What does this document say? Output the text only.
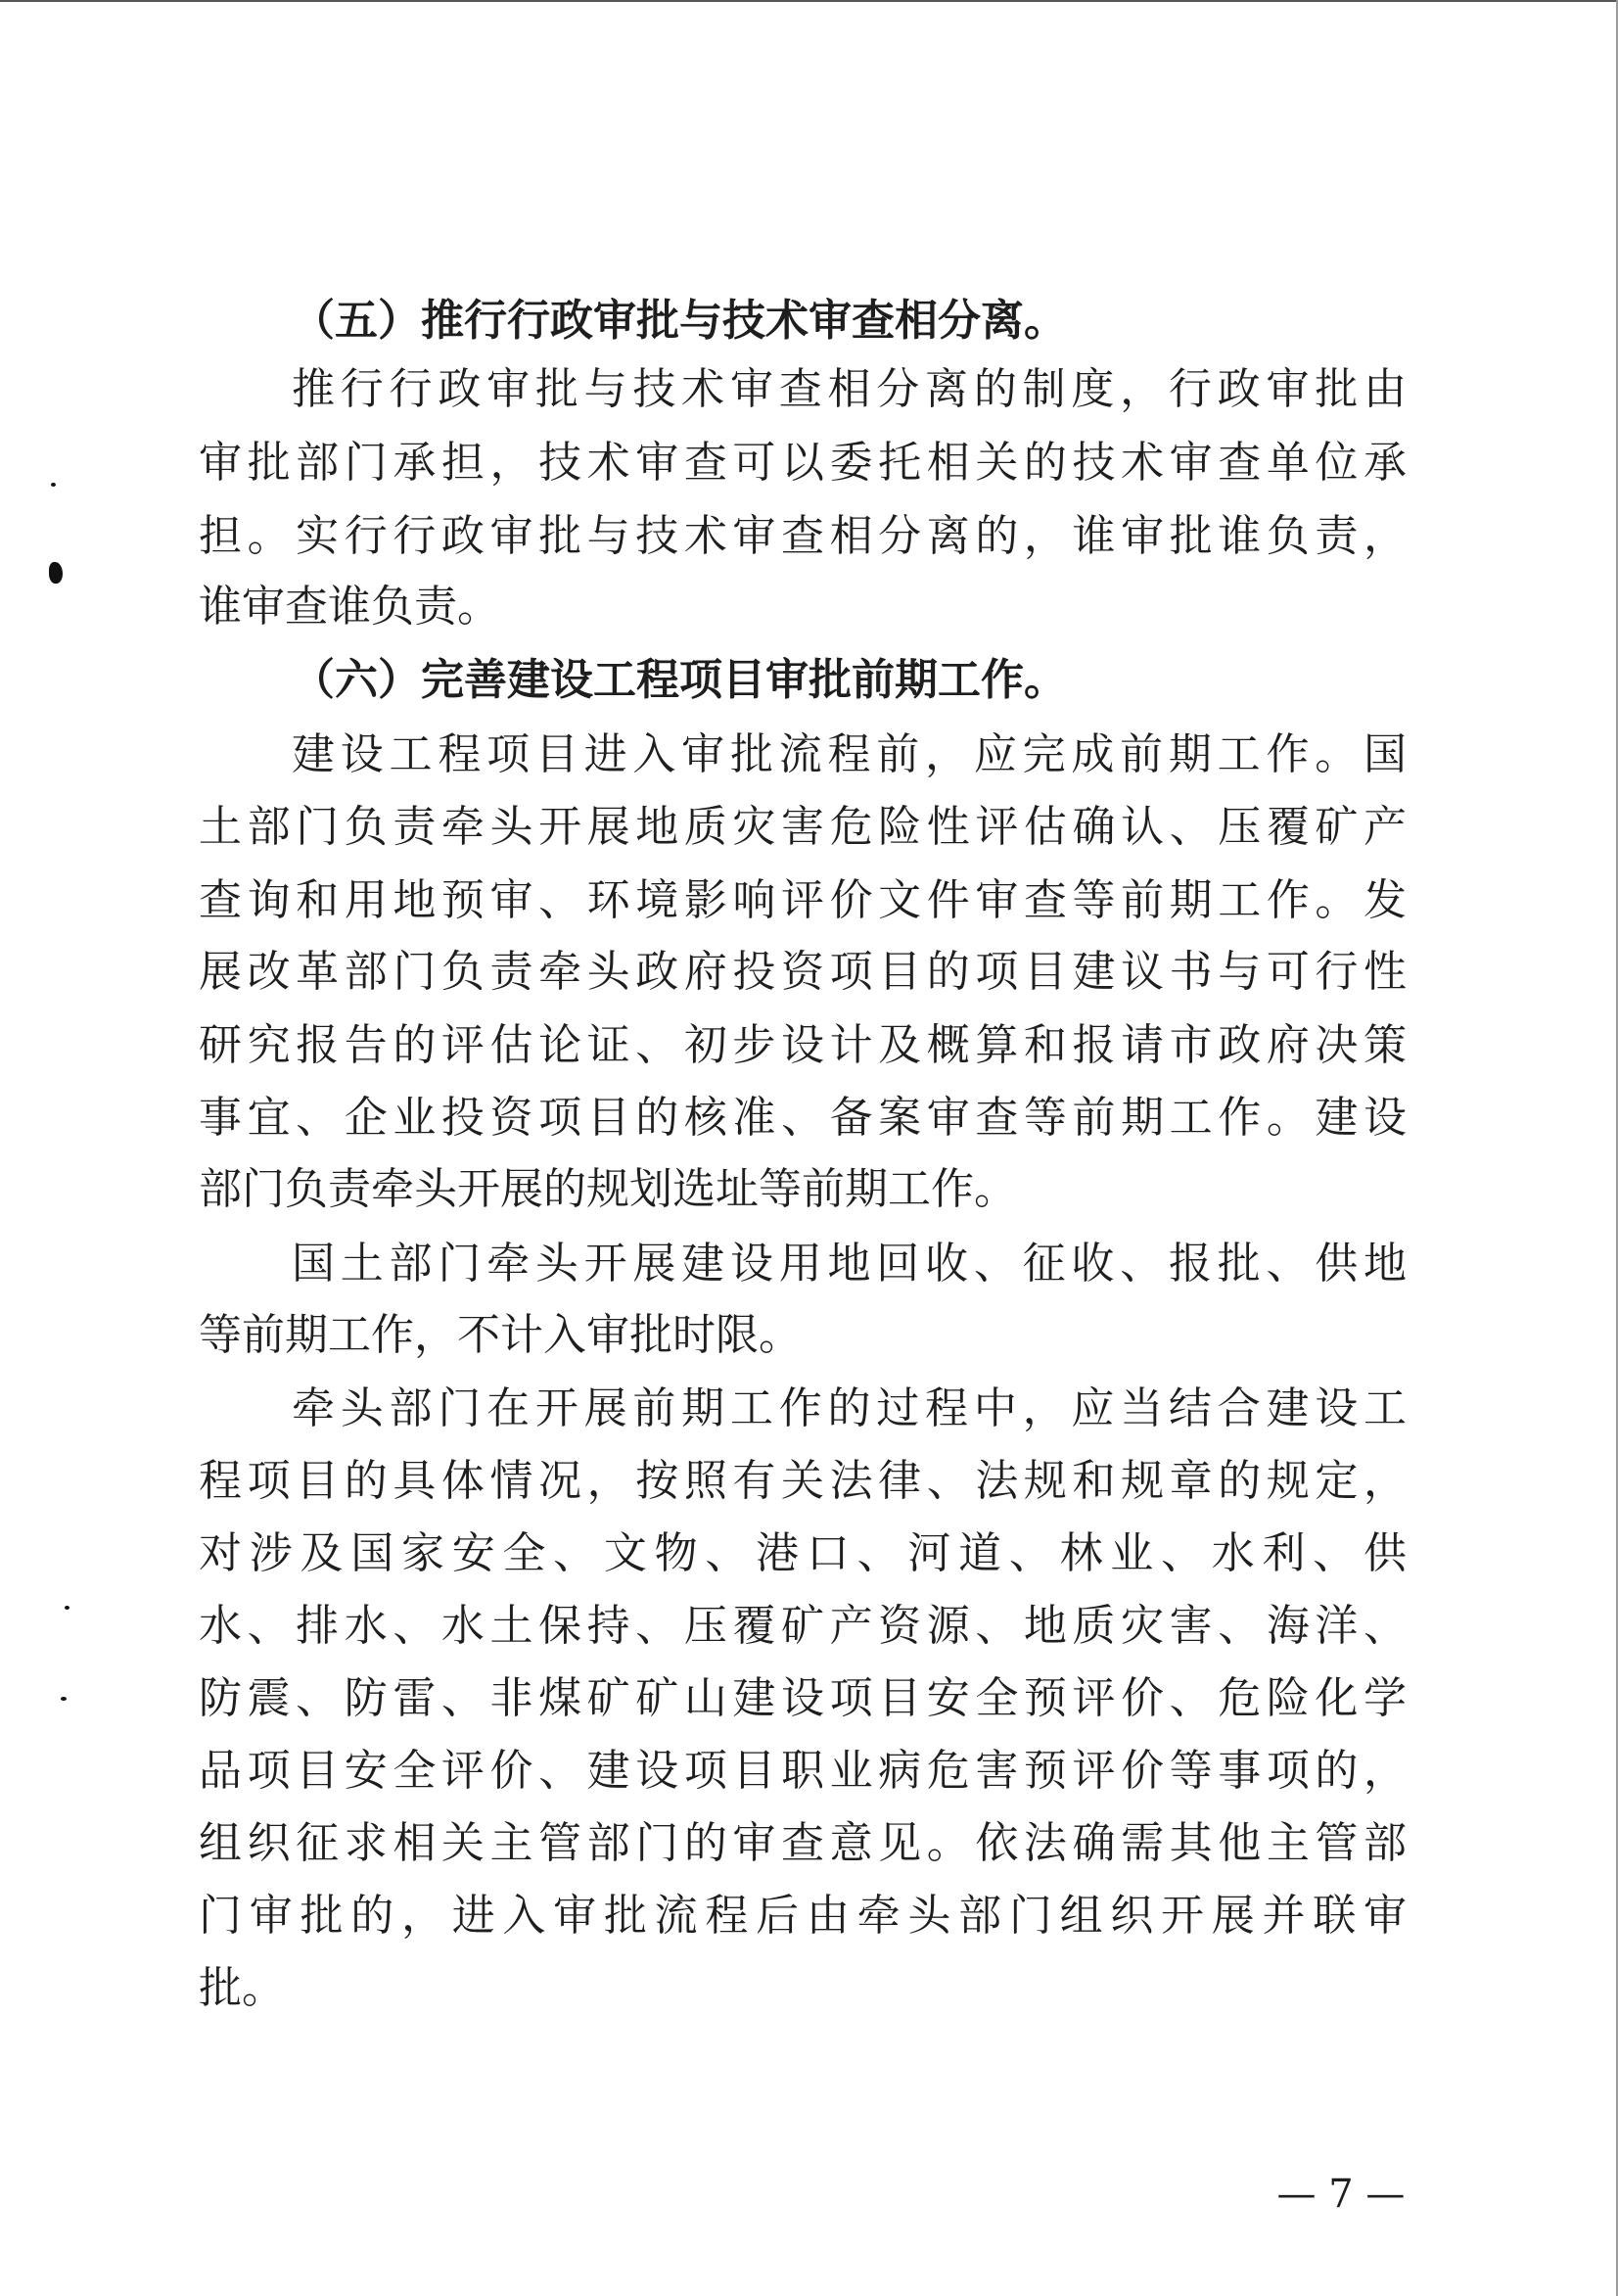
（五）推行行政审批与技术审查相分离。
推行行政审批与技术审查相分离的制度，行政审批由
审批部门承担，技术审查可以委托相关的技术审查单位承
担。实行行政审批与技术审查相分离的，谁审批谁负责，
谁审查谁负责。
（六）完善建设工程项目审批前期工作。
建设工程项目进入审批流程前，应完成前期工作。国
土部门负责牵头开展地质灾害危险性评估确认、压覆矿产
查询和用地预审、环境影响评价文件审查等前期工作。发
展改革部门负责牵头政府投资项目的项目建议书与可行性
研究报告的评估论证、初步设计及概算和报请市政府决策
事宜、企业投资项目的核准、备案审查等前期工作。建设
部门负责牵头开展的规划选址等前期工作。
国土部门牵头开展建设用地回收、征收、报批、供地
等前期工作，不计入审批时限。
牵头部门在开展前期工作的过程中，应当结合建设工
程项目的具体情况，按照有关法律、法规和规章的规定，
对涉及国家安全、文物、港口、河道、林业、水利、供
水、排水、水土保持、压覆矿产资源、地质灾害、海洋、
防震、防雷、非煤矿矿山建设项目安全预评价、危险化学
品项目安全评价、建设项目职业病危害预评价等事项的，
组织征求相关主管部门的审查意见。依法确需其他主管部
门审批的，进入审批流程后由牵头部门组织开展并联审
批。
— 7 —
